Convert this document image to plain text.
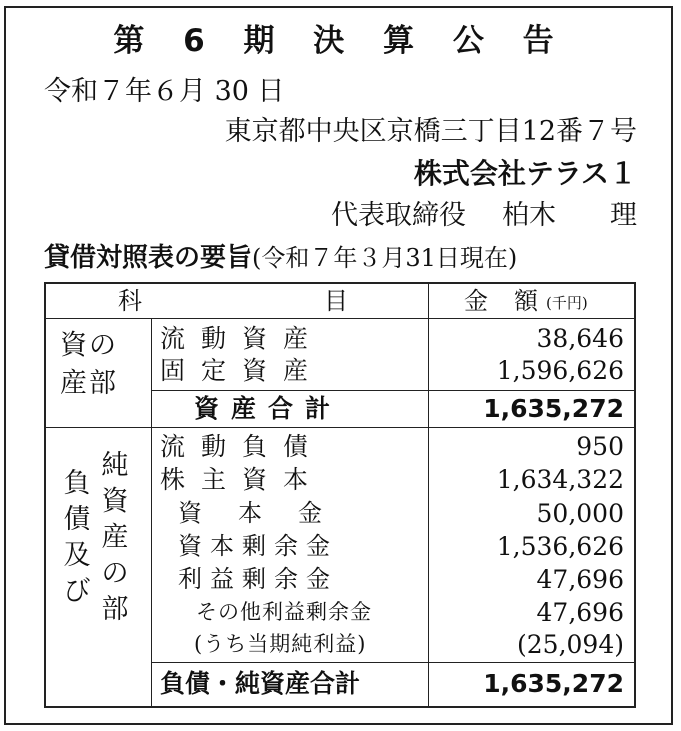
第 6 期 決 算 公 告
令和７年６月 30 日
東京都中央区京橋三丁目12番７号
株式会社テラス１
代表取締役 柏木 理
貸借対照表の要旨(令和７年３月31日現在)
科	目	金 額 (千円)
資の
産部
流動資産	38,646
固定資産	1,596,626
資産合計	1,635,272
負
債
及
び
純
資
産
の
部
流動負債	950
株主資本	1,634,322
資　本　金	50,000
資本剰余金	1,536,626
利益剰余金	47,696
その他利益剰余金	47,696
(うち当期純利益)	(25,094)
負債・純資産合計	1,635,272
